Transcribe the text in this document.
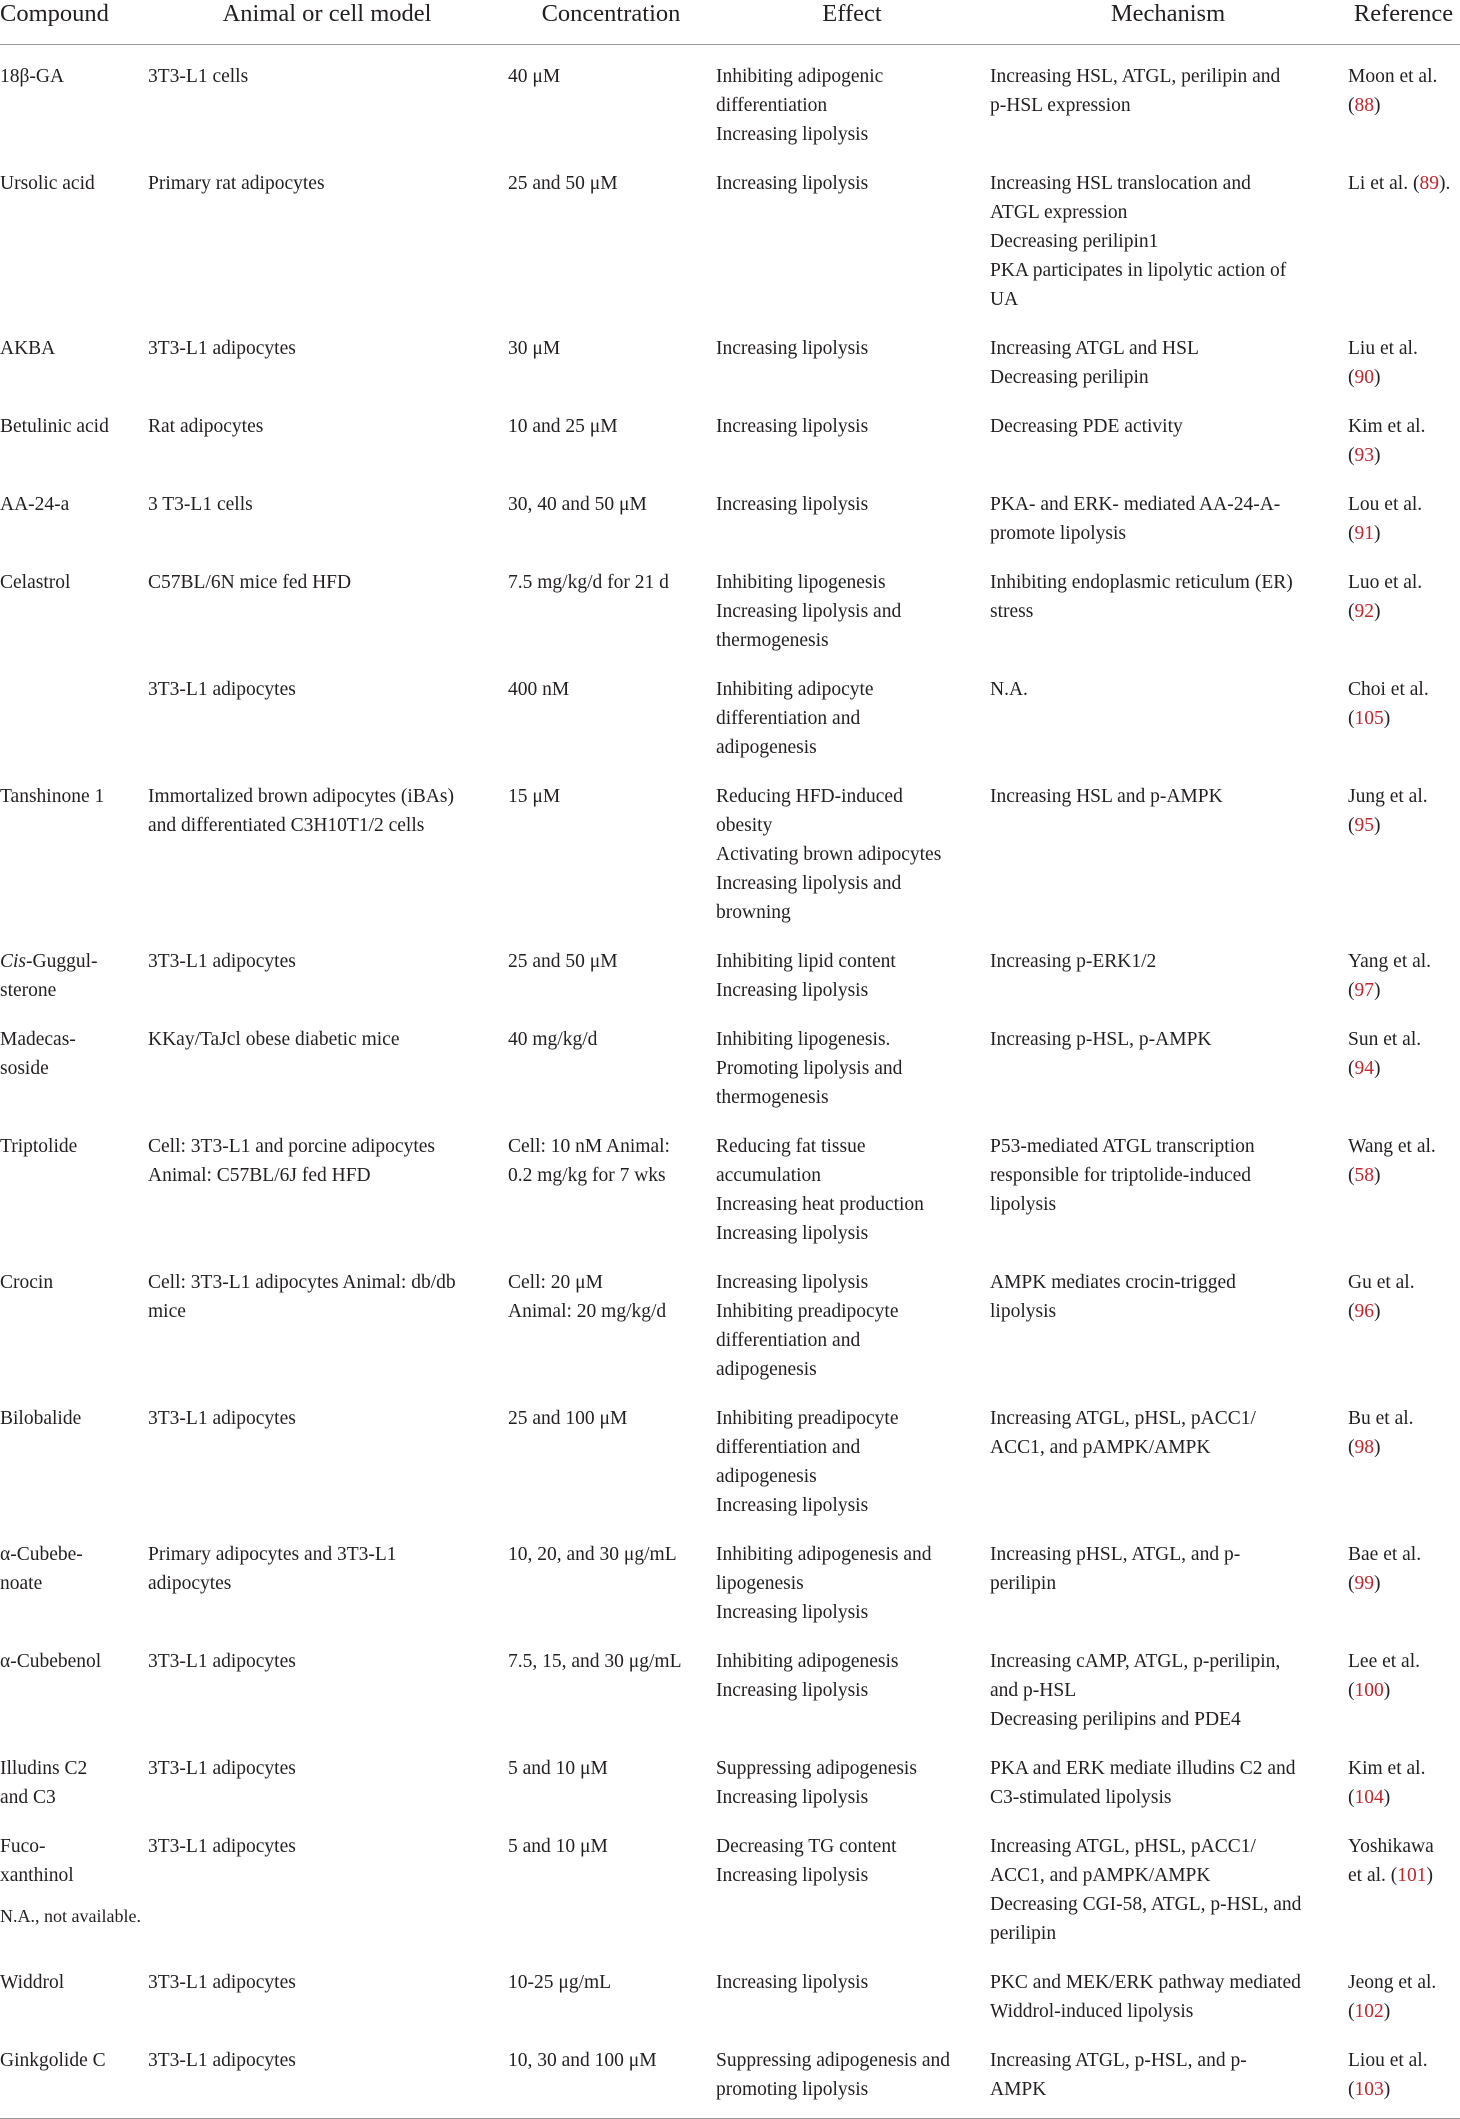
Compound	Animal or cell model	Concentration	Effect	Mechanism	Reference
18β-GA	3T3-L1 cells	40 μM	Inhibiting adipogenic
differentiation
Increasing lipolysis	Increasing HSL, ATGL, perilipin and
p-HSL expression	Moon et al.
(88)
Ursolic acid	Primary rat adipocytes	25 and 50 μM	Increasing lipolysis	Increasing HSL translocation and
ATGL expression
Decreasing perilipin1
PKA participates in lipolytic action of
UA	Li et al. (89).
AKBA	3T3-L1 adipocytes	30 μM	Increasing lipolysis	Increasing ATGL and HSL
Decreasing perilipin	Liu et al.
(90)
Betulinic acid	Rat adipocytes	10 and 25 μM	Increasing lipolysis	Decreasing PDE activity	Kim et al.
(93)
AA-24-a	3 T3-L1 cells	30, 40 and 50 μM	Increasing lipolysis	PKA- and ERK- mediated AA-24-A-
promote lipolysis	Lou et al.
(91)
Celastrol	C57BL/6N mice fed HFD	7.5 mg/kg/d for 21 d	Inhibiting lipogenesis
Increasing lipolysis and
thermogenesis	Inhibiting endoplasmic reticulum (ER)
stress	Luo et al.
(92)
	3T3-L1 adipocytes	400 nM	Inhibiting adipocyte
differentiation and
adipogenesis	N.A.	Choi et al.
(105)
Tanshinone 1	Immortalized brown adipocytes (iBAs)
and differentiated C3H10T1/2 cells	15 μM	Reducing HFD-induced
obesity
Activating brown adipocytes
Increasing lipolysis and
browning	Increasing HSL and p-AMPK	Jung et al.
(95)
Cis-Guggul-
sterone	3T3-L1 adipocytes	25 and 50 μM	Inhibiting lipid content
Increasing lipolysis	Increasing p-ERK1/2	Yang et al.
(97)
Madecas-
soside	KKay/TaJcl obese diabetic mice	40 mg/kg/d	Inhibiting lipogenesis.
Promoting lipolysis and
thermogenesis	Increasing p-HSL, p-AMPK	Sun et al.
(94)
Triptolide	Cell: 3T3-L1 and porcine adipocytes
Animal: C57BL/6J fed HFD	Cell: 10 nM Animal:
0.2 mg/kg for 7 wks	Reducing fat tissue
accumulation
Increasing heat production
Increasing lipolysis	P53-mediated ATGL transcription
responsible for triptolide-induced
lipolysis	Wang et al.
(58)
Crocin	Cell: 3T3-L1 adipocytes Animal: db/db
mice	Cell: 20 μM
Animal: 20 mg/kg/d	Increasing lipolysis
Inhibiting preadipocyte
differentiation and
adipogenesis	AMPK mediates crocin-trigged
lipolysis	Gu et al.
(96)
Bilobalide	3T3-L1 adipocytes	25 and 100 μM	Inhibiting preadipocyte
differentiation and
adipogenesis
Increasing lipolysis	Increasing ATGL, pHSL, pACC1/
ACC1, and pAMPK/AMPK	Bu et al.
(98)
α-Cubebe-
noate	Primary adipocytes and 3T3-L1
adipocytes	10, 20, and 30 μg/mL	Inhibiting adipogenesis and
lipogenesis
Increasing lipolysis	Increasing pHSL, ATGL, and p-
perilipin	Bae et al.
(99)
α-Cubebenol	3T3-L1 adipocytes	7.5, 15, and 30 μg/mL	Inhibiting adipogenesis
Increasing lipolysis	Increasing cAMP, ATGL, p-perilipin,
and p-HSL
Decreasing perilipins and PDE4	Lee et al.
(100)
Illudins C2
and C3	3T3-L1 adipocytes	5 and 10 μM	Suppressing adipogenesis
Increasing lipolysis	PKA and ERK mediate illudins C2 and
C3-stimulated lipolysis	Kim et al.
(104)
Fuco-
xanthinol	3T3-L1 adipocytes	5 and 10 μM	Decreasing TG content
Increasing lipolysis	Increasing ATGL, pHSL, pACC1/
ACC1, and pAMPK/AMPK
Decreasing CGI-58, ATGL, p-HSL, and
perilipin	Yoshikawa
et al. (101)
Widdrol	3T3-L1 adipocytes	10-25 μg/mL	Increasing lipolysis	PKC and MEK/ERK pathway mediated
Widdrol-induced lipolysis	Jeong et al.
(102)
Ginkgolide C	3T3-L1 adipocytes	10, 30 and 100 μM	Suppressing adipogenesis and
promoting lipolysis	Increasing ATGL, p-HSL, and p-
AMPK	Liou et al.
(103)
N.A., not available.
